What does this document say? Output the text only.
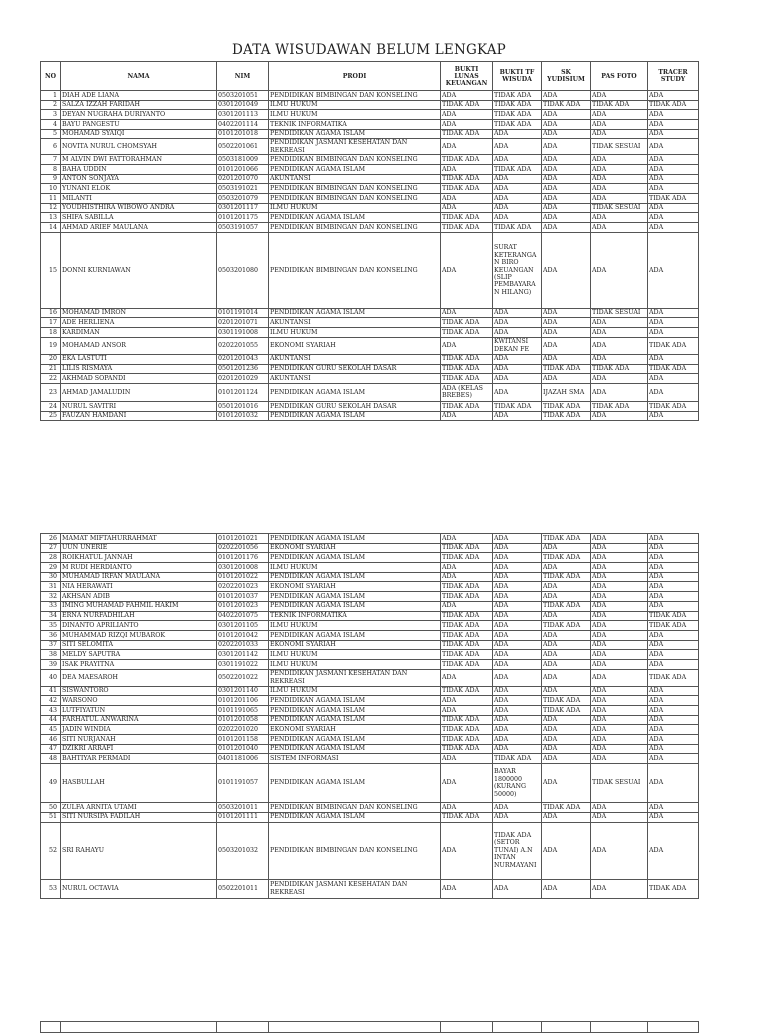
DATA WISUDAWAN BELUM LENGKAP
NO	NAMA	NIM	PRODI	BUKTI LUNAS KEUANGAN	BUKTI TF WISUDA	SK YUDISIUM	PAS FOTO	TRACER STUDY
1	DIAH ADE LIANA	0503201051	PENDIDIKAN BIMBINGAN DAN KONSELING	ADA	TIDAK ADA	ADA	ADA	ADA
2	SALZA IZZAH FARIDAH	0301201049	ILMU HUKUM	TIDAK ADA	TIDAK ADA	TIDAK ADA	TIDAK ADA	TIDAK ADA
3	DEYAN NUGRAHA DURIYANTO	0301201113	ILMU HUKUM	ADA	TIDAK ADA	ADA	ADA	ADA
4	BAYU PANGESTU	0402201114	TEKNIK INFORMATIKA	ADA	TIDAK ADA	ADA	ADA	ADA
5	MOHAMAD SYAIQI	0101201018	PENDIDIKAN AGAMA ISLAM	TIDAK ADA	ADA	ADA	ADA	ADA
6	NOVITA NURUL CHOMSYAH	0502201061	PENDIDIKAN JASMANI KESEHATAN DAN REKREASI	ADA	ADA	ADA	TIDAK SESUAI	ADA
7	M ALVIN DWI FATTORAHMAN	0503181009	PENDIDIKAN BIMBINGAN DAN KONSELING	TIDAK ADA	ADA	ADA	ADA	ADA
8	BAHA UDDIN	0101201066	PENDIDIKAN AGAMA ISLAM	ADA	TIDAK ADA	ADA	ADA	ADA
9	ANTON SONJAYA	0201201070	AKUNTANSI	TIDAK ADA	ADA	ADA	ADA	ADA
10	YUNANI ELOK	0503191021	PENDIDIKAN BIMBINGAN DAN KONSELING	TIDAK ADA	ADA	ADA	ADA	ADA
11	MILANTI	0503201079	PENDIDIKAN BIMBINGAN DAN KONSELING	ADA	ADA	ADA	ADA	TIDAK ADA
12	YOUDHISTHIRA WIBOWO ANDRA	0301201117	ILMU HUKUM	ADA	ADA	ADA	TIDAK SESUAI	ADA
13	SHIFA SABILLA	0101201175	PENDIDIKAN AGAMA ISLAM	TIDAK ADA	ADA	ADA	ADA	ADA
14	AHMAD ARIEF MAULANA	0503191057	PENDIDIKAN BIMBINGAN DAN KONSELING	TIDAK ADA	TIDAK ADA	ADA	ADA	ADA
15	DONNI KURNIAWAN	0503201080	PENDIDIKAN BIMBINGAN DAN KONSELING	ADA	SURAT KETERANGA N BIRO KEUANGAN (SLIP PEMBAYARA N HILANG)	ADA	ADA	ADA
16	MOHAMAD IMRON	0101191014	PENDIDIKAN AGAMA ISLAM	ADA	ADA	ADA	TIDAK SESUAI	ADA
17	ADE HERLIENA	0201201071	AKUNTANSI	TIDAK ADA	ADA	ADA	ADA	ADA
18	KARDIMAN	0301191008	ILMU HUKUM	TIDAK ADA	ADA	ADA	ADA	ADA
19	MOHAMAD ANSOR	0202201055	EKONOMI SYARIAH	ADA	KWITANSI DEKAN FE	ADA	ADA	TIDAK ADA
20	EKA LASTUTI	0201201043	AKUNTANSI	TIDAK ADA	ADA	ADA	ADA	ADA
21	LILIS RISMAYA	0501201236	PENDIDIKAN GURU SEKOLAH DASAR	TIDAK ADA	ADA	TIDAK ADA	TIDAK ADA	TIDAK ADA
22	AKHMAD SOPANDI	0201201029	AKUNTANSI	TIDAK ADA	ADA	ADA	ADA	ADA
23	AHMAD JAMALUDIN	0101201124	PENDIDIKAN AGAMA ISLAM	ADA (KELAS BREBES)	ADA	IJAZAH SMA	ADA	ADA
24	NURUL SAVITRI	0501201016	PENDIDIKAN GURU SEKOLAH DASAR	TIDAK ADA	TIDAK ADA	TIDAK ADA	TIDAK ADA	TIDAK ADA
25	FAUZAN HAMDANI	0101201032	PENDIDIKAN AGAMA ISLAM	ADA	ADA	TIDAK ADA	ADA	ADA
26	MAMAT MIFTAHURRAHMAT	0101201021	PENDIDIKAN AGAMA ISLAM	ADA	ADA	TIDAK ADA	ADA	ADA
27	UUN UNERIE	0202201056	EKONOMI SYARIAH	TIDAK ADA	ADA	ADA	ADA	ADA
28	ROIKHATUL JANNAH	0101201176	PENDIDIKAN AGAMA ISLAM	TIDAK ADA	ADA	TIDAK ADA	ADA	ADA
29	M RUDI HERDIANTO	0301201008	ILMU HUKUM	ADA	ADA	ADA	ADA	ADA
30	MUHAMAD IRFAN MAULANA	0101201022	PENDIDIKAN AGAMA ISLAM	ADA	ADA	TIDAK ADA	ADA	ADA
31	NIA HERAWATI	0202201023	EKONOMI SYARIAH	TIDAK ADA	ADA	ADA	ADA	ADA
32	AKHSAN ADIB	0101201037	PENDIDIKAN AGAMA ISLAM	TIDAK ADA	ADA	ADA	ADA	ADA
33	IMING MUHAMAD FAHMIL HAKIM	0101201023	PENDIDIKAN AGAMA ISLAM	ADA	ADA	TIDAK ADA	ADA	ADA
34	ERNA NURFADHILAH	0402201075	TEKNIK INFORMATIKA	TIDAK ADA	ADA	ADA	ADA	TIDAK ADA
35	DINANTO APRILIANTO	0301201105	ILMU HUKUM	TIDAK ADA	ADA	TIDAK ADA	ADA	TIDAK ADA
36	MUHAMMAD RIZQI MUBAROK	0101201042	PENDIDIKAN AGAMA ISLAM	TIDAK ADA	ADA	ADA	ADA	ADA
37	SITI SELOMITA	0202201033	EKONOMI SYARIAH	TIDAK ADA	ADA	ADA	ADA	ADA
38	MELDY SAPUTRA	0301201142	ILMU HUKUM	TIDAK ADA	ADA	ADA	ADA	ADA
39	ISAK PRAYITNA	0301191022	ILMU HUKUM	TIDAK ADA	ADA	ADA	ADA	ADA
40	DEA MAESAROH	0502201022	PENDIDIKAN JASMANI KESEHATAN DAN REKREASI	ADA	ADA	ADA	ADA	TIDAK ADA
41	SISWANTORO	0301201140	ILMU HUKUM	TIDAK ADA	ADA	ADA	ADA	ADA
42	WARSONO	0101201106	PENDIDIKAN AGAMA ISLAM	ADA	ADA	TIDAK ADA	ADA	ADA
43	LUTFIYATUN	0101191065	PENDIDIKAN AGAMA ISLAM	ADA	ADA	TIDAK ADA	ADA	ADA
44	FARHATUL ANWARINA	0101201058	PENDIDIKAN AGAMA ISLAM	TIDAK ADA	ADA	ADA	ADA	ADA
45	JADIN WINDIA	0202201020	EKONOMI SYARIAH	TIDAK ADA	ADA	ADA	ADA	ADA
46	SITI NURJANAH	0101201158	PENDIDIKAN AGAMA ISLAM	TIDAK ADA	ADA	ADA	ADA	ADA
47	DZIKRI ARRAFI	0101201040	PENDIDIKAN AGAMA ISLAM	TIDAK ADA	ADA	ADA	ADA	ADA
48	BAHTIYAR PERMADI	0401181006	SISTEM INFORMASI	ADA	TIDAK ADA	ADA	ADA	ADA
49	HASBULLAH	0101191057	PENDIDIKAN AGAMA ISLAM	ADA	BAYAR 1800000 (KURANG 50000)	ADA	TIDAK SESUAI	ADA
50	ZULFA ARNITA UTAMI	0503201011	PENDIDIKAN BIMBINGAN DAN KONSELING	ADA	ADA	TIDAK ADA	ADA	ADA
51	SITI NURSIPA FADILAH	0101201111	PENDIDIKAN AGAMA ISLAM	TIDAK ADA	ADA	ADA	ADA	ADA
52	SRI RAHAYU	0503201032	PENDIDIKAN BIMBINGAN DAN KONSELING	ADA	TIDAK ADA (SETOR TUNAI) A.N INTAN NURMAYANI	ADA	ADA	ADA
53	NURUL OCTAVIA	0502201011	PENDIDIKAN JASMANI KESEHATAN DAN REKREASI	ADA	ADA	ADA	ADA	TIDAK ADA
